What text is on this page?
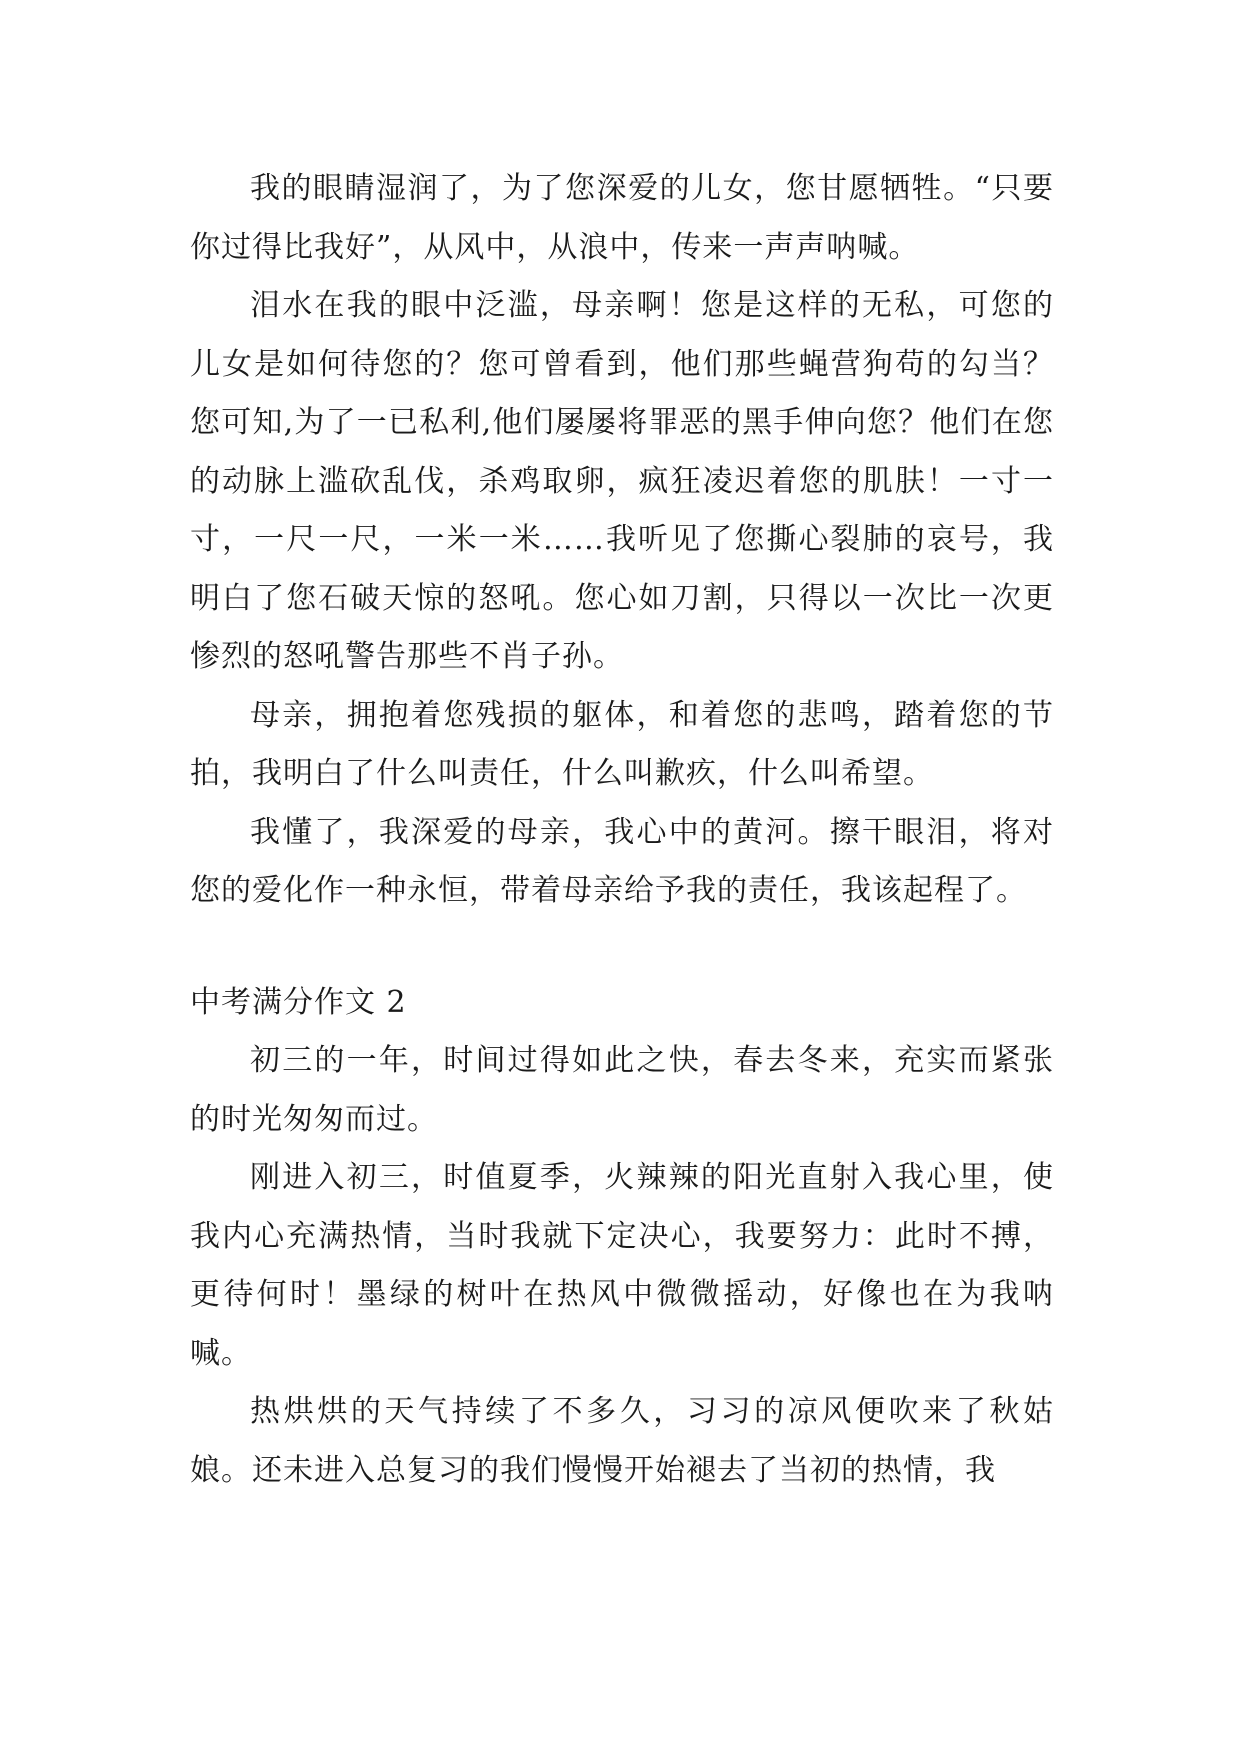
我的眼睛湿润了，为了您深爱的儿女，您甘愿牺牲。“只要你过得比我好”，从风中，从浪中，传来一声声呐喊。

泪水在我的眼中泛滥，母亲啊！您是这样的无私，可您的儿女是如何待您的？您可曾看到，他们那些蝇营狗苟的勾当？您可知,为了一已私利,他们屡屡将罪恶的黑手伸向您？他们在您的动脉上滥砍乱伐，杀鸡取卵，疯狂凌迟着您的肌肤！一寸一寸，一尺一尺，一米一米……我听见了您撕心裂肺的哀号，我明白了您石破天惊的怒吼。您心如刀割，只得以一次比一次更惨烈的怒吼警告那些不肖子孙。

母亲，拥抱着您残损的躯体，和着您的悲鸣，踏着您的节拍，我明白了什么叫责任，什么叫歉疚，什么叫希望。

我懂了，我深爱的母亲，我心中的黄河。擦干眼泪，将对您的爱化作一种永恒，带着母亲给予我的责任，我该起程了。

中考满分作文 2

初三的一年，时间过得如此之快，春去冬来，充实而紧张的时光匆匆而过。

刚进入初三，时值夏季，火辣辣的阳光直射入我心里，使我内心充满热情，当时我就下定决心，我要努力：此时不搏，更待何时！墨绿的树叶在热风中微微摇动，好像也在为我呐喊。

热烘烘的天气持续了不多久，习习的凉风便吹来了秋姑娘。还未进入总复习的我们慢慢开始褪去了当初的热情，我
